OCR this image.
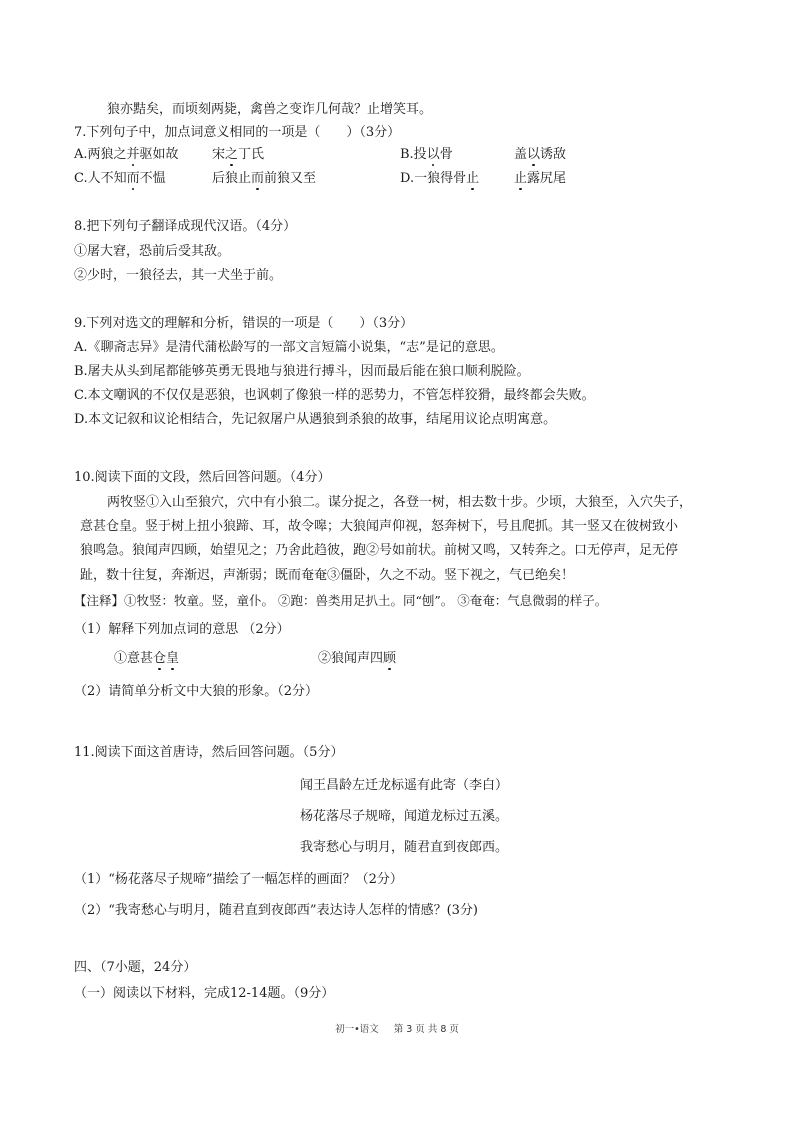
狼亦黠矣，而顷刻两毙，禽兽之变诈几何哉？止增笑耳。
7.下列句子中，加点词意义相同的一项是（　　）（3分）
A.两狼之并驱如故	宋之丁氏	B.投以骨	盖以诱敌
C.人不知而不愠	后狼止而前狼又至	D.一狼得骨止	止露尻尾
8.把下列句子翻译成现代汉语。（4分）
①屠大窘，恐前后受其敌。
②少时，一狼径去，其一犬坐于前。
9.下列对选文的理解和分析，错误的一项是（　　）（3分）
A.《聊斋志异》是清代蒲松龄写的一部文言短篇小说集，“志”是记的意思。
B.屠夫从头到尾都能够英勇无畏地与狼进行搏斗，因而最后能在狼口顺利脱险。
C.本文嘲讽的不仅仅是恶狼，也讽刺了像狼一样的恶势力，不管怎样狡猾，最终都会失败。
D.本文记叙和议论相结合，先记叙屠户从遇狼到杀狼的故事，结尾用议论点明寓意。
10.阅读下面的文段，然后回答问题。（4分）
两牧竖①入山至狼穴，穴中有小狼二。谋分捉之，各登一树，相去数十步。少顷，大狼至，入穴失子，
意甚仓皇。竖于树上扭小狼蹄、耳，故令嗥；大狼闻声仰视，怒奔树下，号且爬抓。其一竖又在彼树致小
狼鸣急。狼闻声四顾，始望见之；乃舍此趋彼，跑②号如前状。前树又鸣，又转奔之。口无停声，足无停
趾，数十往复，奔渐迟，声渐弱；既而奄奄③僵卧，久之不动。竖下视之，气已绝矣！
【注释】①牧竖：牧童。竖，童仆。 ②跑：兽类用足扒土。同“刨”。 ③奄奄：气息微弱的样子。
（1）解释下列加点词的意思 （2分）
①意甚仓皇	②狼闻声四顾
（2）请简单分析文中大狼的形象。（2分）
11.阅读下面这首唐诗，然后回答问题。（5分）
闻王昌龄左迁龙标遥有此寄（李白）
杨花落尽子规啼，闻道龙标过五溪。
我寄愁心与明月，随君直到夜郎西。
（1）“杨花落尽子规啼”描绘了一幅怎样的画面？（2分）
（2）“我寄愁心与明月，随君直到夜郎西”表达诗人怎样的情感？(3分)
四、（7小题，24分）
（一）阅读以下材料，完成12-14题。（9分）
初一•语文 第 3 页 共 8 页
